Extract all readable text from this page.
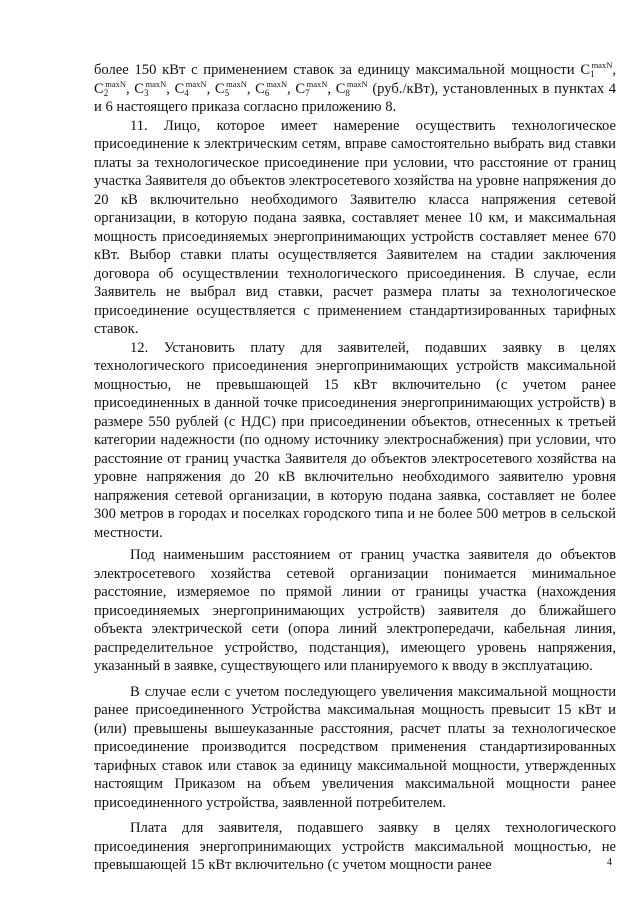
более 150 кВт с применением ставок за единицу максимальной мощности $С_1^{maxN}$, $С_2^{maxN}$, $С_3^{maxN}$, $С_4^{maxN}$, $С_5^{maxN}$, $С_6^{maxN}$, $С_7^{maxN}$, $С_8^{maxN}$ (руб./кВт), установленных в пунктах 4 и 6 настоящего приказа согласно приложению 8.

11. Лицо, которое имеет намерение осуществить технологическое присоединение к электрическим сетям, вправе самостоятельно выбрать вид ставки платы за технологическое присоединение при условии, что расстояние от границ участка Заявителя до объектов электросетевого хозяйства на уровне напряжения до 20 кВ включительно необходимого Заявителю класса напряжения сетевой организации, в которую подана заявка, составляет менее 10 км, и максимальная мощность присоединяемых энергопринимающих устройств составляет менее 670 кВт. Выбор ставки платы осуществляется Заявителем на стадии заключения договора об осуществлении технологического присоединения. В случае, если Заявитель не выбрал вид ставки, расчет размера платы за технологическое присоединение осуществляется с применением стандартизированных тарифных ставок.

12. Установить плату для заявителей, подавших заявку в целях технологического присоединения энергопринимающих устройств максимальной мощностью, не превышающей 15 кВт включительно (с учетом ранее присоединенных в данной точке присоединения энергопринимающих устройств) в размере 550 рублей (с НДС) при присоединении объектов, отнесенных к третьей категории надежности (по одному источнику электроснабжения) при условии, что расстояние от границ участка Заявителя до объектов электросетевого хозяйства на уровне напряжения до 20 кВ включительно необходимого заявителю уровня напряжения сетевой организации, в которую подана заявка, составляет не более 300 метров в городах и поселках городского типа и не более 500 метров в сельской местности.

Под наименьшим расстоянием от границ участка заявителя до объектов электросетевого хозяйства сетевой организации понимается минимальное расстояние, измеряемое по прямой линии от границы участка (нахождения присоединяемых энергопринимающих устройств) заявителя до ближайшего объекта электрической сети (опора линий электропередачи, кабельная линия, распределительное устройство, подстанция), имеющего уровень напряжения, указанный в заявке, существующего или планируемого к вводу в эксплуатацию.

В случае если с учетом последующего увеличения максимальной мощности ранее присоединенного Устройства максимальная мощность превысит 15 кВт и (или) превышены вышеуказанные расстояния, расчет платы за технологическое присоединение производится посредством применения стандартизированных тарифных ставок или ставок за единицу максимальной мощности, утвержденных настоящим Приказом на объем увеличения максимальной мощности ранее присоединенного устройства, заявленной потребителем.

Плата для заявителя, подавшего заявку в целях технологического присоединения энергопринимающих устройств максимальной мощностью, не превышающей 15 кВт включительно (с учетом мощности ранее	4
